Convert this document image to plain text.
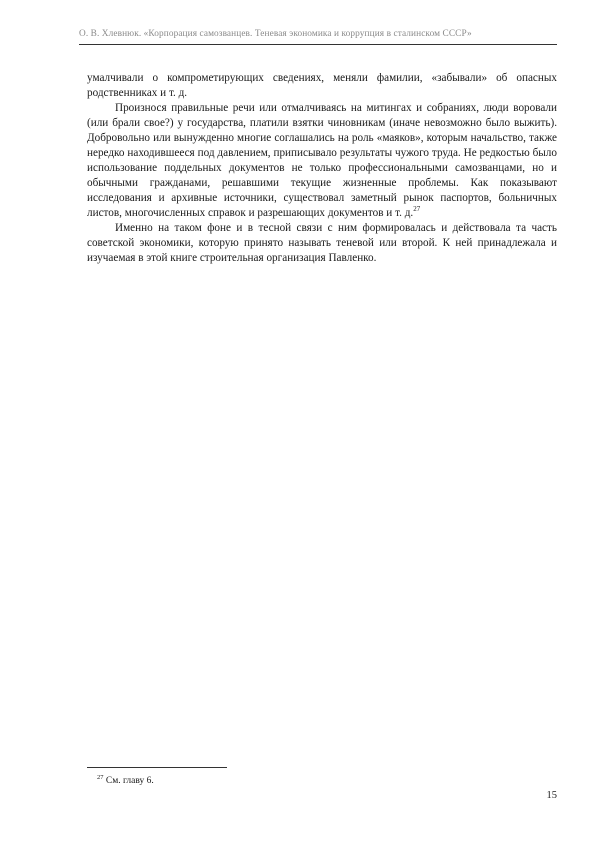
О. В. Хлевнюк. «Корпорация самозванцев. Теневая экономика и коррупция в сталинском СССР»

умалчивали о компрометирующих сведениях, меняли фамилии, «забывали» об опасных родственниках и т. д.

Произнося правильные речи или отмалчиваясь на митингах и собраниях, люди воровали (или брали свое?) у государства, платили взятки чиновникам (иначе невозможно было выжить). Добровольно или вынужденно многие соглашались на роль «маяков», которым начальство, также нередко находившееся под давлением, приписывало результаты чужого труда. Не редкостью было использование поддельных документов не только профессиональными самозванцами, но и обычными гражданами, решавшими текущие жизненные проблемы. Как показывают исследования и архивные источники, существовал заметный рынок паспортов, больничных листов, многочисленных справок и разрешающих документов и т. д.$^{27}$

Именно на таком фоне и в тесной связи с ним формировалась и действовала та часть советской экономики, которую принято называть теневой или второй. К ней принадлежала и изучаемая в этой книге строительная организация Павленко.

$^{27}$ См. главу 6.
15
